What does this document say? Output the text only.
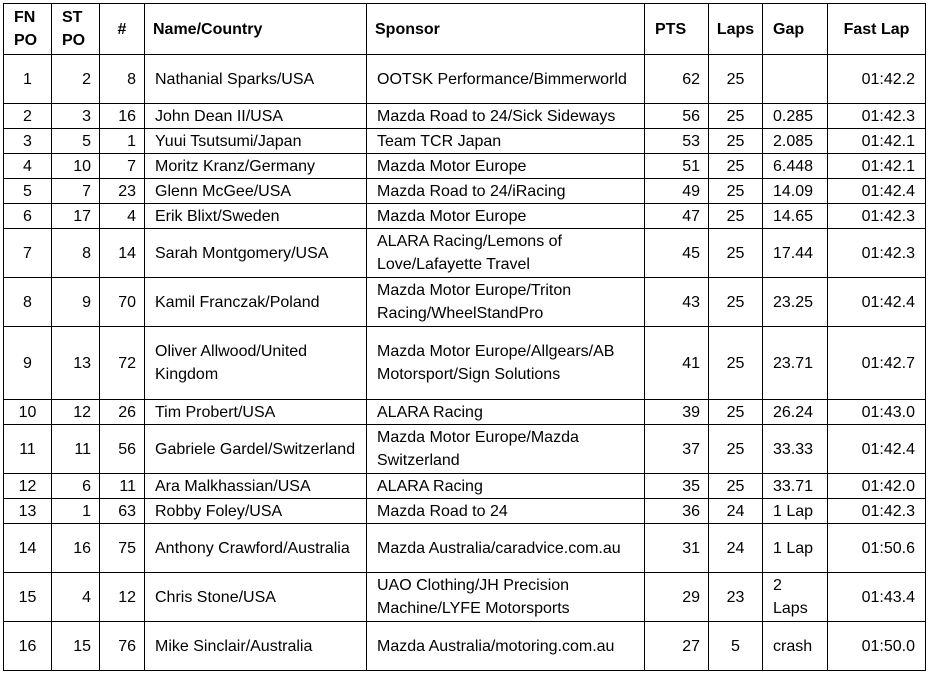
FN PO	ST PO	#	Name/Country	Sponsor	PTS	Laps	Gap	Fast Lap
1	2	8	Nathanial Sparks/USA	OOTSK Performance/Bimmerworld	62	25		01:42.2
2	3	16	John Dean II/USA	Mazda Road to 24/Sick Sideways	56	25	0.285	01:42.3
3	5	1	Yuui Tsutsumi/Japan	Team TCR Japan	53	25	2.085	01:42.1
4	10	7	Moritz Kranz/Germany	Mazda Motor Europe	51	25	6.448	01:42.1
5	7	23	Glenn McGee/USA	Mazda Road to 24/iRacing	49	25	14.09	01:42.4
6	17	4	Erik Blixt/Sweden	Mazda Motor Europe	47	25	14.65	01:42.3
7	8	14	Sarah Montgomery/USA	ALARA Racing/Lemons of Love/Lafayette Travel	45	25	17.44	01:42.3
8	9	70	Kamil Franczak/Poland	Mazda Motor Europe/Triton Racing/WheelStandPro	43	25	23.25	01:42.4
9	13	72	Oliver Allwood/United Kingdom	Mazda Motor Europe/Allgears/AB Motorsport/Sign Solutions	41	25	23.71	01:42.7
10	12	26	Tim Probert/USA	ALARA Racing	39	25	26.24	01:43.0
11	11	56	Gabriele Gardel/Switzerland	Mazda Motor Europe/Mazda Switzerland	37	25	33.33	01:42.4
12	6	11	Ara Malkhassian/USA	ALARA Racing	35	25	33.71	01:42.0
13	1	63	Robby Foley/USA	Mazda Road to 24	36	24	1 Lap	01:42.3
14	16	75	Anthony Crawford/Australia	Mazda Australia/caradvice.com.au	31	24	1 Lap	01:50.6
15	4	12	Chris Stone/USA	UAO Clothing/JH Precision Machine/LYFE Motorsports	29	23	2 Laps	01:43.4
16	15	76	Mike Sinclair/Australia	Mazda Australia/motoring.com.au	27	5	crash	01:50.0
